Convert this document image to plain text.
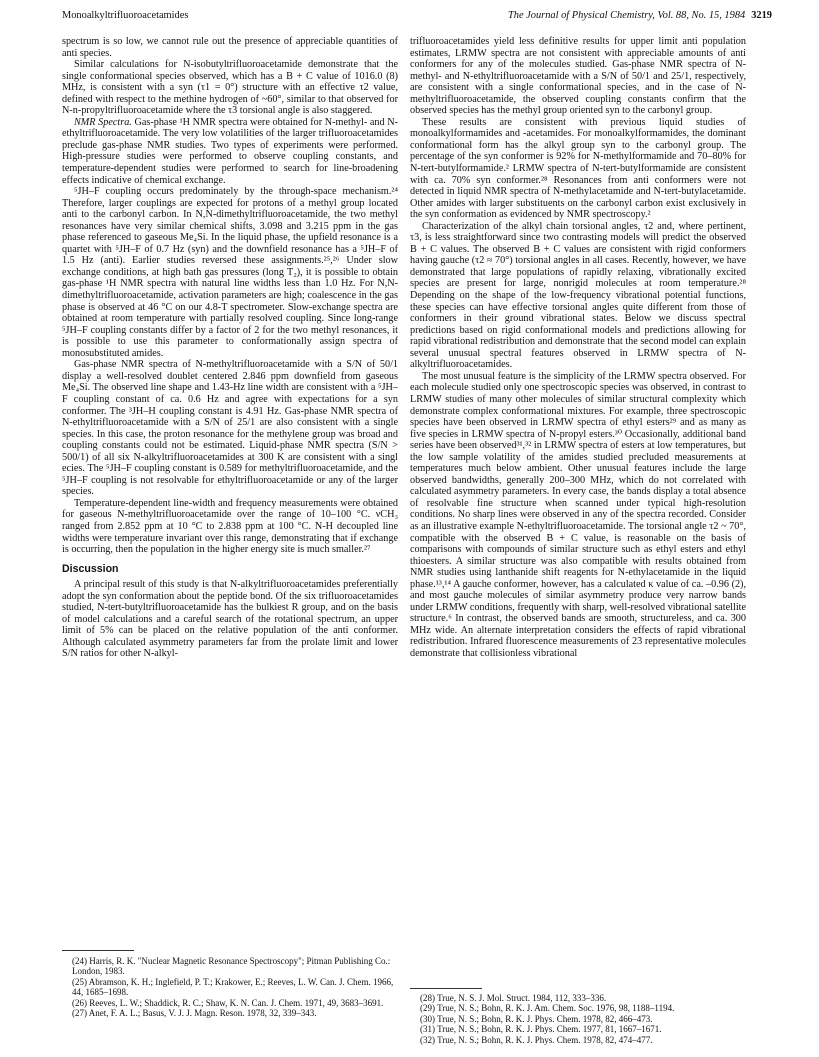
Monoalkyltrifluoroacetamides	The Journal of Physical Chemistry, Vol. 88, No. 15, 1984 3219

spectrum is so low, we cannot rule out the presence of appreciable quantities of anti species.

Similar calculations for N-isobutyltrifluoroacetamide demonstrate that the single conformational species observed, which has a B + C value of 1016.0 (8) MHz, is consistent with a syn (τ1 = 0°) structure with an effective τ2 value, defined with respect to the methine hydrogen of ~60°, similar to that observed for N-n-propyltrifluoroacetamide where the τ3 torsional angle is also staggered.

NMR Spectra. Gas-phase ¹H NMR spectra were obtained for N-methyl- and N-ethyltrifluoroacetamide. The very low volatilities of the larger trifluoroacetamides preclude gas-phase NMR studies. Two types of experiments were performed. High-pressure studies were performed to observe coupling constants, and temperature-dependent studies were performed to search for line-broadening effects indicative of chemical exchange.

⁵JH–F coupling occurs predominately by the through-space mechanism.²⁴ Therefore, larger couplings are expected for protons of a methyl group located anti to the carbonyl carbon. In N,N-dimethyltrifluoroacetamide, the two methyl resonances have very similar chemical shifts, 3.098 and 3.215 ppm in the gas phase referenced to gaseous Me₄Si. In the liquid phase, the upfield resonance is a quartet with ⁵JH–F of 0.7 Hz (syn) and the downfield resonance has a ⁵JH–F of 1.5 Hz (anti). Earlier studies reversed these assignments.²⁵,²⁶ Under slow exchange conditions, at high bath gas pressures (long T₂), it is possible to obtain gas-phase ¹H NMR spectra with natural line widths less than 1.0 Hz. For N,N-dimethyltrifluoroacetamide, activation parameters are high; coalescence in the gas phase is observed at 46 °C on our 4.8-T spectrometer. Slow-exchange spectra are obtained at room temperature with partially resolved coupling. Since long-range ⁵JH–F coupling constants differ by a factor of 2 for the two methyl resonances, it is possible to use this parameter to conformationally assign spectra of monosubstituted amides.

Gas-phase NMR spectra of N-methyltrifluoroacetamide with a S/N of 50/1 display a well-resolved doublet centered 2.846 ppm downfield from gaseous Me₄Si. The observed line shape and 1.43-Hz line width are consistent with a ⁵JH–F coupling constant of ca. 0.6 Hz and agree with expectations for a syn conformer. The ³JH–H coupling constant is 4.91 Hz. Gas-phase NMR spectra of N-ethyltrifluoroacetamide with a S/N of 25/1 are also consistent with a single species. In this case, the proton resonance for the methylene group was broad and coupling constants could not be estimated. Liquid-phase NMR spectra (S/N > 500/1) of all six N-alkyltrifluoroacetamides at 300 K are consistent with a singl ecies. The ⁵JH–F coupling constant is 0.589 for methyltrifluoroacetamide, and the ⁵JH–F coupling is not resolvable for ethyltrifluoroacetamide or any of the larger species.

Temperature-dependent line-width and frequency measurements were obtained for gaseous N-methyltrifluoroacetamide over the range of 10–100 °C. νCH₃ ranged from 2.852 ppm at 10 °C to 2.838 ppm at 100 °C. N-H decoupled line widths were temperature invariant over this range, demonstrating that if exchange is occurring, then the population in the higher energy site is much smaller.²⁷

Discussion

A principal result of this study is that N-alkyltrifluoroacetamides preferentially adopt the syn conformation about the peptide bond. Of the six trifluoroacetamides studied, N-tert-butyltrifluoroacetamide has the bulkiest R group, and on the basis of model calculations and a careful search of the rotational spectrum, an upper limit of 5% can be placed on the relative population of the anti conformer. Although calculated asymmetry parameters far from the prolate limit and lower S/N ratios for other N-alkyl-

trifluoroacetamides yield less definitive results for upper limit anti population estimates, LRMW spectra are not consistent with appreciable amounts of anti conformers for any of the molecules studied. Gas-phase NMR spectra of N-methyl- and N-ethyltrifluoroacetamide with a S/N of 50/1 and 25/1, respectively, are consistent with a single conformational species, and in the case of N-methyltrifluoroacetamide, the observed coupling constants confirm that the observed species has the methyl group oriented syn to the carbonyl group.

These results are consistent with previous liquid studies of monoalkylformamides and -acetamides. For monoalkylformamides, the dominant conformational form has the alkyl group syn to the carbonyl group. The percentage of the syn conformer is 92% for N-methylformamide and 70–80% for N-tert-butylformamide.² LRMW spectra of N-tert-butylformamide are consistent with ca. 70% syn conformer.²⁸ Resonances from anti conformers were not detected in liquid NMR spectra of N-methylacetamide and N-tert-butylacetamide. Other amides with larger substituents on the carbonyl carbon exist exclusively in the syn conformation as evidenced by NMR spectroscopy.²

Characterization of the alkyl chain torsional angles, τ2 and, where pertinent, τ3, is less straightforward since two contrasting models will predict the observed B + C values. The observed B + C values are consistent with rigid conformers having gauche (τ2 ≈ 70°) torsional angles in all cases. Recently, however, we have demonstrated that large populations of rapidly relaxing, vibrationally excited species are present for large, nonrigid molecules at room temperature.²⁸ Depending on the shape of the low-frequency vibrational potential functions, these species can have effective torsional angles quite different from those of conformers in their ground vibrational states. Below we discuss spectral predictions based on rigid conformational models and predictions allowing for rapid vibrational redistribution and demonstrate that the second model can explain several unusual spectral features observed in LRMW spectra of N-alkyltrifluoroacetamides.

The most unusual feature is the simplicity of the LRMW spectra observed. For each molecule studied only one spectroscopic species was observed, in contrast to LRMW studies of many other molecules of similar structural complexity which demonstrate complex conformational mixtures. For example, three spectroscopic species have been observed in LRMW spectra of ethyl esters²⁹ and as many as five species in LRMW spectra of N-propyl esters.³⁰ Occasionally, additional band series have been observed³¹,³² in LRMW spectra of esters at low temperatures, but the low sample volatility of the amides studied precluded measurements at temperatures much below ambient. Other unusual features include the large observed bandwidths, generally 200–300 MHz, which do not correlated with calculated asymmetry parameters. In every case, the bands display a total absence of resolvable fine structure when scanned under typical high-resolution conditions. No sharp lines were observed in any of the spectra recorded. Consider as an illustrative example N-ethyltrifluoroacetamide. The torsional angle τ2 ~ 70°, compatible with the observed B + C value, is reasonable on the basis of comparisons with compounds of similar structure such as ethyl esters and ethyl thioesters. A similar structure was also compatible with results obtained from NMR studies using lanthanide shift reagents for N-ethylacetamide in the liquid phase.¹³,¹⁴ A gauche conformer, however, has a calculated κ value of ca. –0.96 (2), and most gauche molecules of similar asymmetry produce very narrow bands under LRMW conditions, frequently with sharp, well-resolved vibrational satellite structure.⁶ In contrast, the observed bands are smooth, structureless, and ca. 300 MHz wide. An alternate interpretation considers the effects of rapid vibrational redistribution. Infrared fluorescence measurements of 23 representative molecules demonstrate that collisionless vibrational

(24) Harris, R. K. "Nuclear Magnetic Resonance Spectroscopy"; Pitman Publishing Co.: London, 1983.

(25) Abramson, K. H.; Inglefield, P. T.; Krakower, E.; Reeves, L. W. Can. J. Chem. 1966, 44, 1685–1698.

(26) Reeves, L. W.; Shaddick, R. C.; Shaw, K. N. Can. J. Chem. 1971, 49, 3683–3691.

(27) Anet, F. A. L.; Basus, V. J. J. Magn. Reson. 1978, 32, 339–343.

(28) True, N. S. J. Mol. Struct. 1984, 112, 333–336.

(29) True, N. S.; Bohn, R. K. J. Am. Chem. Soc. 1976, 98, 1188–1194.

(30) True, N. S.; Bohn, R. K. J. Phys. Chem. 1978, 82, 466–473.

(31) True, N. S.; Bohn, R. K. J. Phys. Chem. 1977, 81, 1667–1671.

(32) True, N. S.; Bohn, R. K. J. Phys. Chem. 1978, 82, 474–477.
